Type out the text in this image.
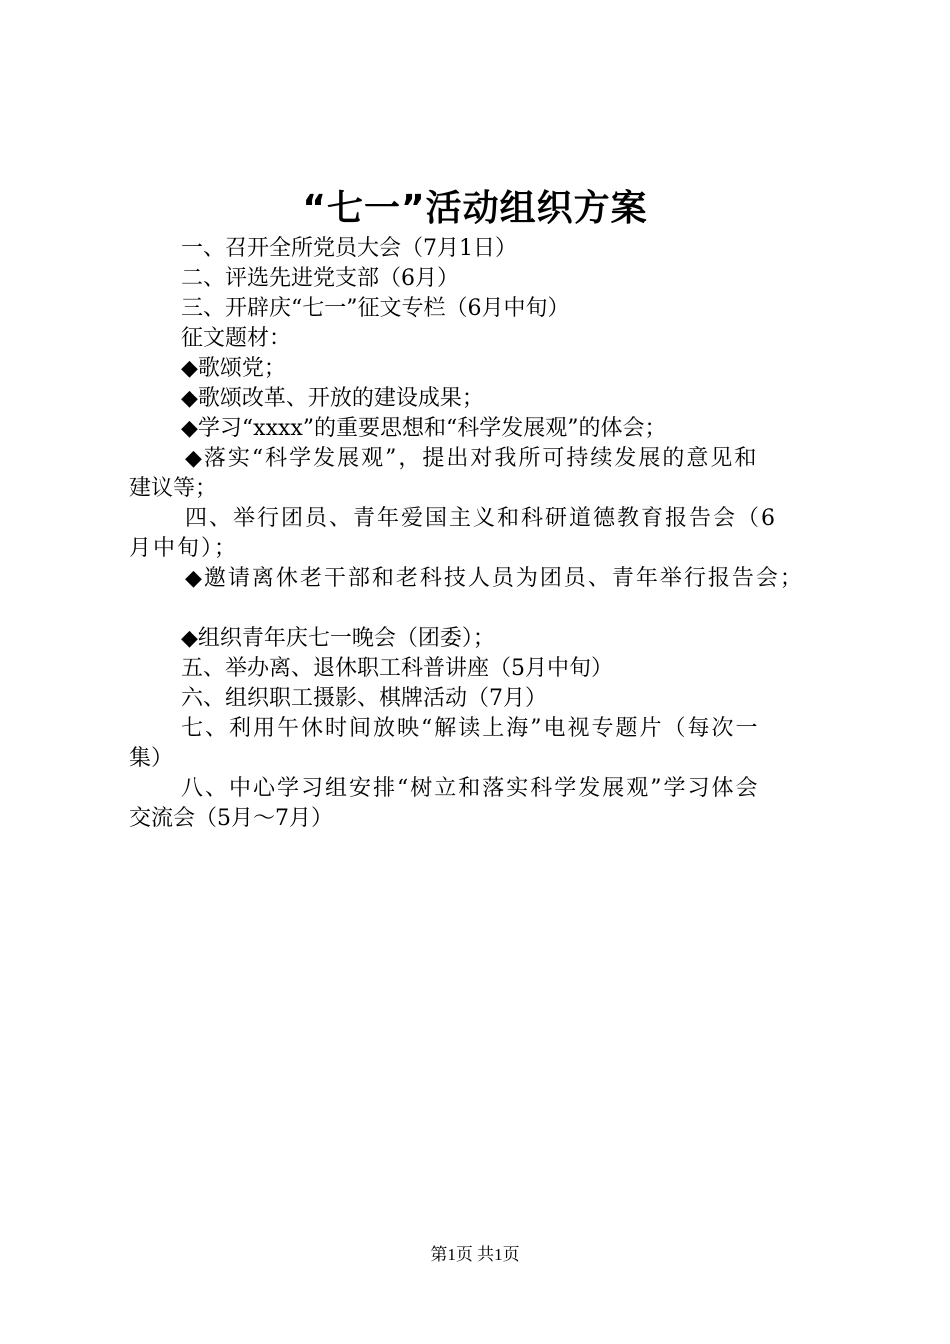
“七一”活动组织方案

一、召开全所党员大会（7月1日）

二、评选先进党支部（6月）

三、开辟庆“七一”征文专栏（6月中旬）

征文题材：

◆歌颂党；

◆歌颂改革、开放的建设成果；

◆学习“xxxx”的重要思想和“科学发展观”的体会；

◆落实“科学发展观”，提出对我所可持续发展的意见和

建议等；

四、举行团员、青年爱国主义和科研道德教育报告会（6

月中旬）；

◆邀请离休老干部和老科技人员为团员、青年举行报告会；

◆组织青年庆七一晚会（团委）；

五、举办离、退休职工科普讲座（5月中旬）

六、组织职工摄影、棋牌活动（7月）

七、利用午休时间放映“解读上海”电视专题片（每次一

集）

八、中心学习组安排“树立和落实科学发展观”学习体会

交流会（5月～7月）

第1页 共1页
